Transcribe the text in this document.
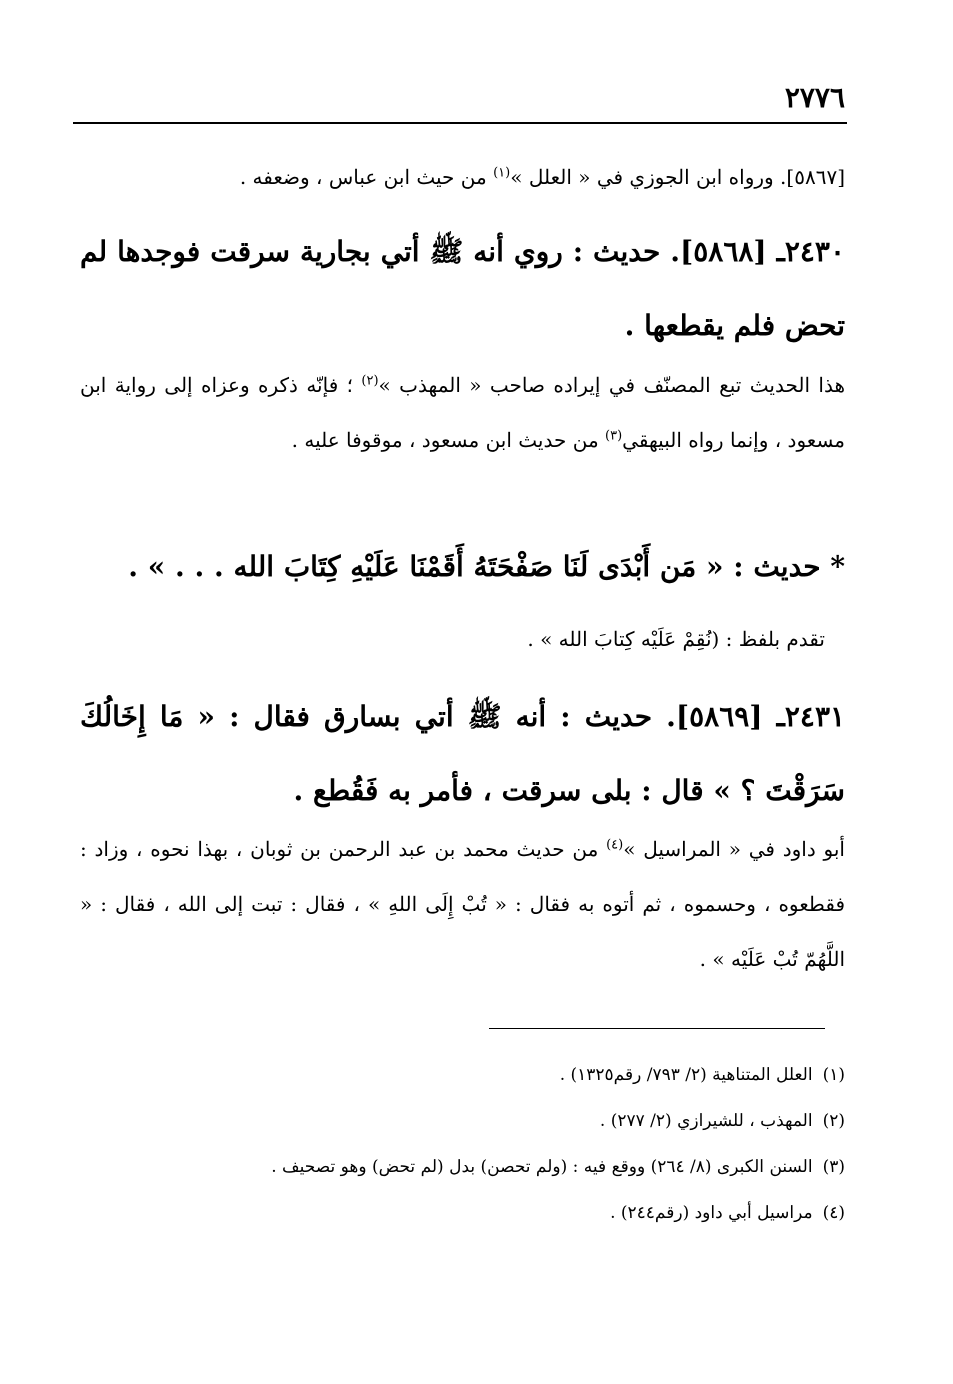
٢٧٧٦
[٥٨٦٧]. ورواه ابن الجوزي في « العلل »$^{(١)}$ من حيث ابن عباس ، وضعفه .
٢٤٣٠ـ [٥٨٦٨]. حديث : روي أنه ﷺ أتي بجارية سرقت فوجدها لم تحض فلم يقطعها .
هذا الحديث تبع المصنّف في إيراده صاحب « المهذب »$^{(٢)}$ ؛ فإنّه ذكره وعزاه إلى رواية ابن مسعود ، وإنما رواه البيهقي$^{(٣)}$ من حديث ابن مسعود ، موقوفا عليه .
* حديث : « مَن أَبْدَى لَنَا صَفْحَتَهُ أَقَمْنَا عَلَيْهِ كِتَابَ الله . . . » .
تقدم بلفظ : (نُقِمْ عَلَيْه كِتابَ الله » .
٢٤٣١ـ [٥٨٦٩]. حديث : أنه ﷺ أتي بسارق فقال : « مَا إِخَالُكَ سَرَقْتَ ؟ » قال : بلى سرقت ، فأمر به فَقُطع .
أبو داود في « المراسيل »$^{(٤)}$ من حديث محمد بن عبد الرحمن بن ثوبان ، بهذا نحوه ، وزاد : فقطعوه ، وحسموه ، ثم أتوه به فقال : « تُبْ إِلَى اللهِ » ، فقال : تبت إلى الله ، فقال : « اللَّهُمّ تُبْ عَلَيْه » .
(١)العلل المتناهية (٢/ ٧٩٣/ رقم١٣٢٥) .
(٢)المهذب ، للشيرازي (٢/ ٢٧٧) .
(٣)السنن الكبرى (٨/ ٢٦٤) ووقع فيه : (ولم تحصن) بدل (لم تحض) وهو تصحيف .
(٤)مراسيل أبي داود (رقم٢٤٤) .
